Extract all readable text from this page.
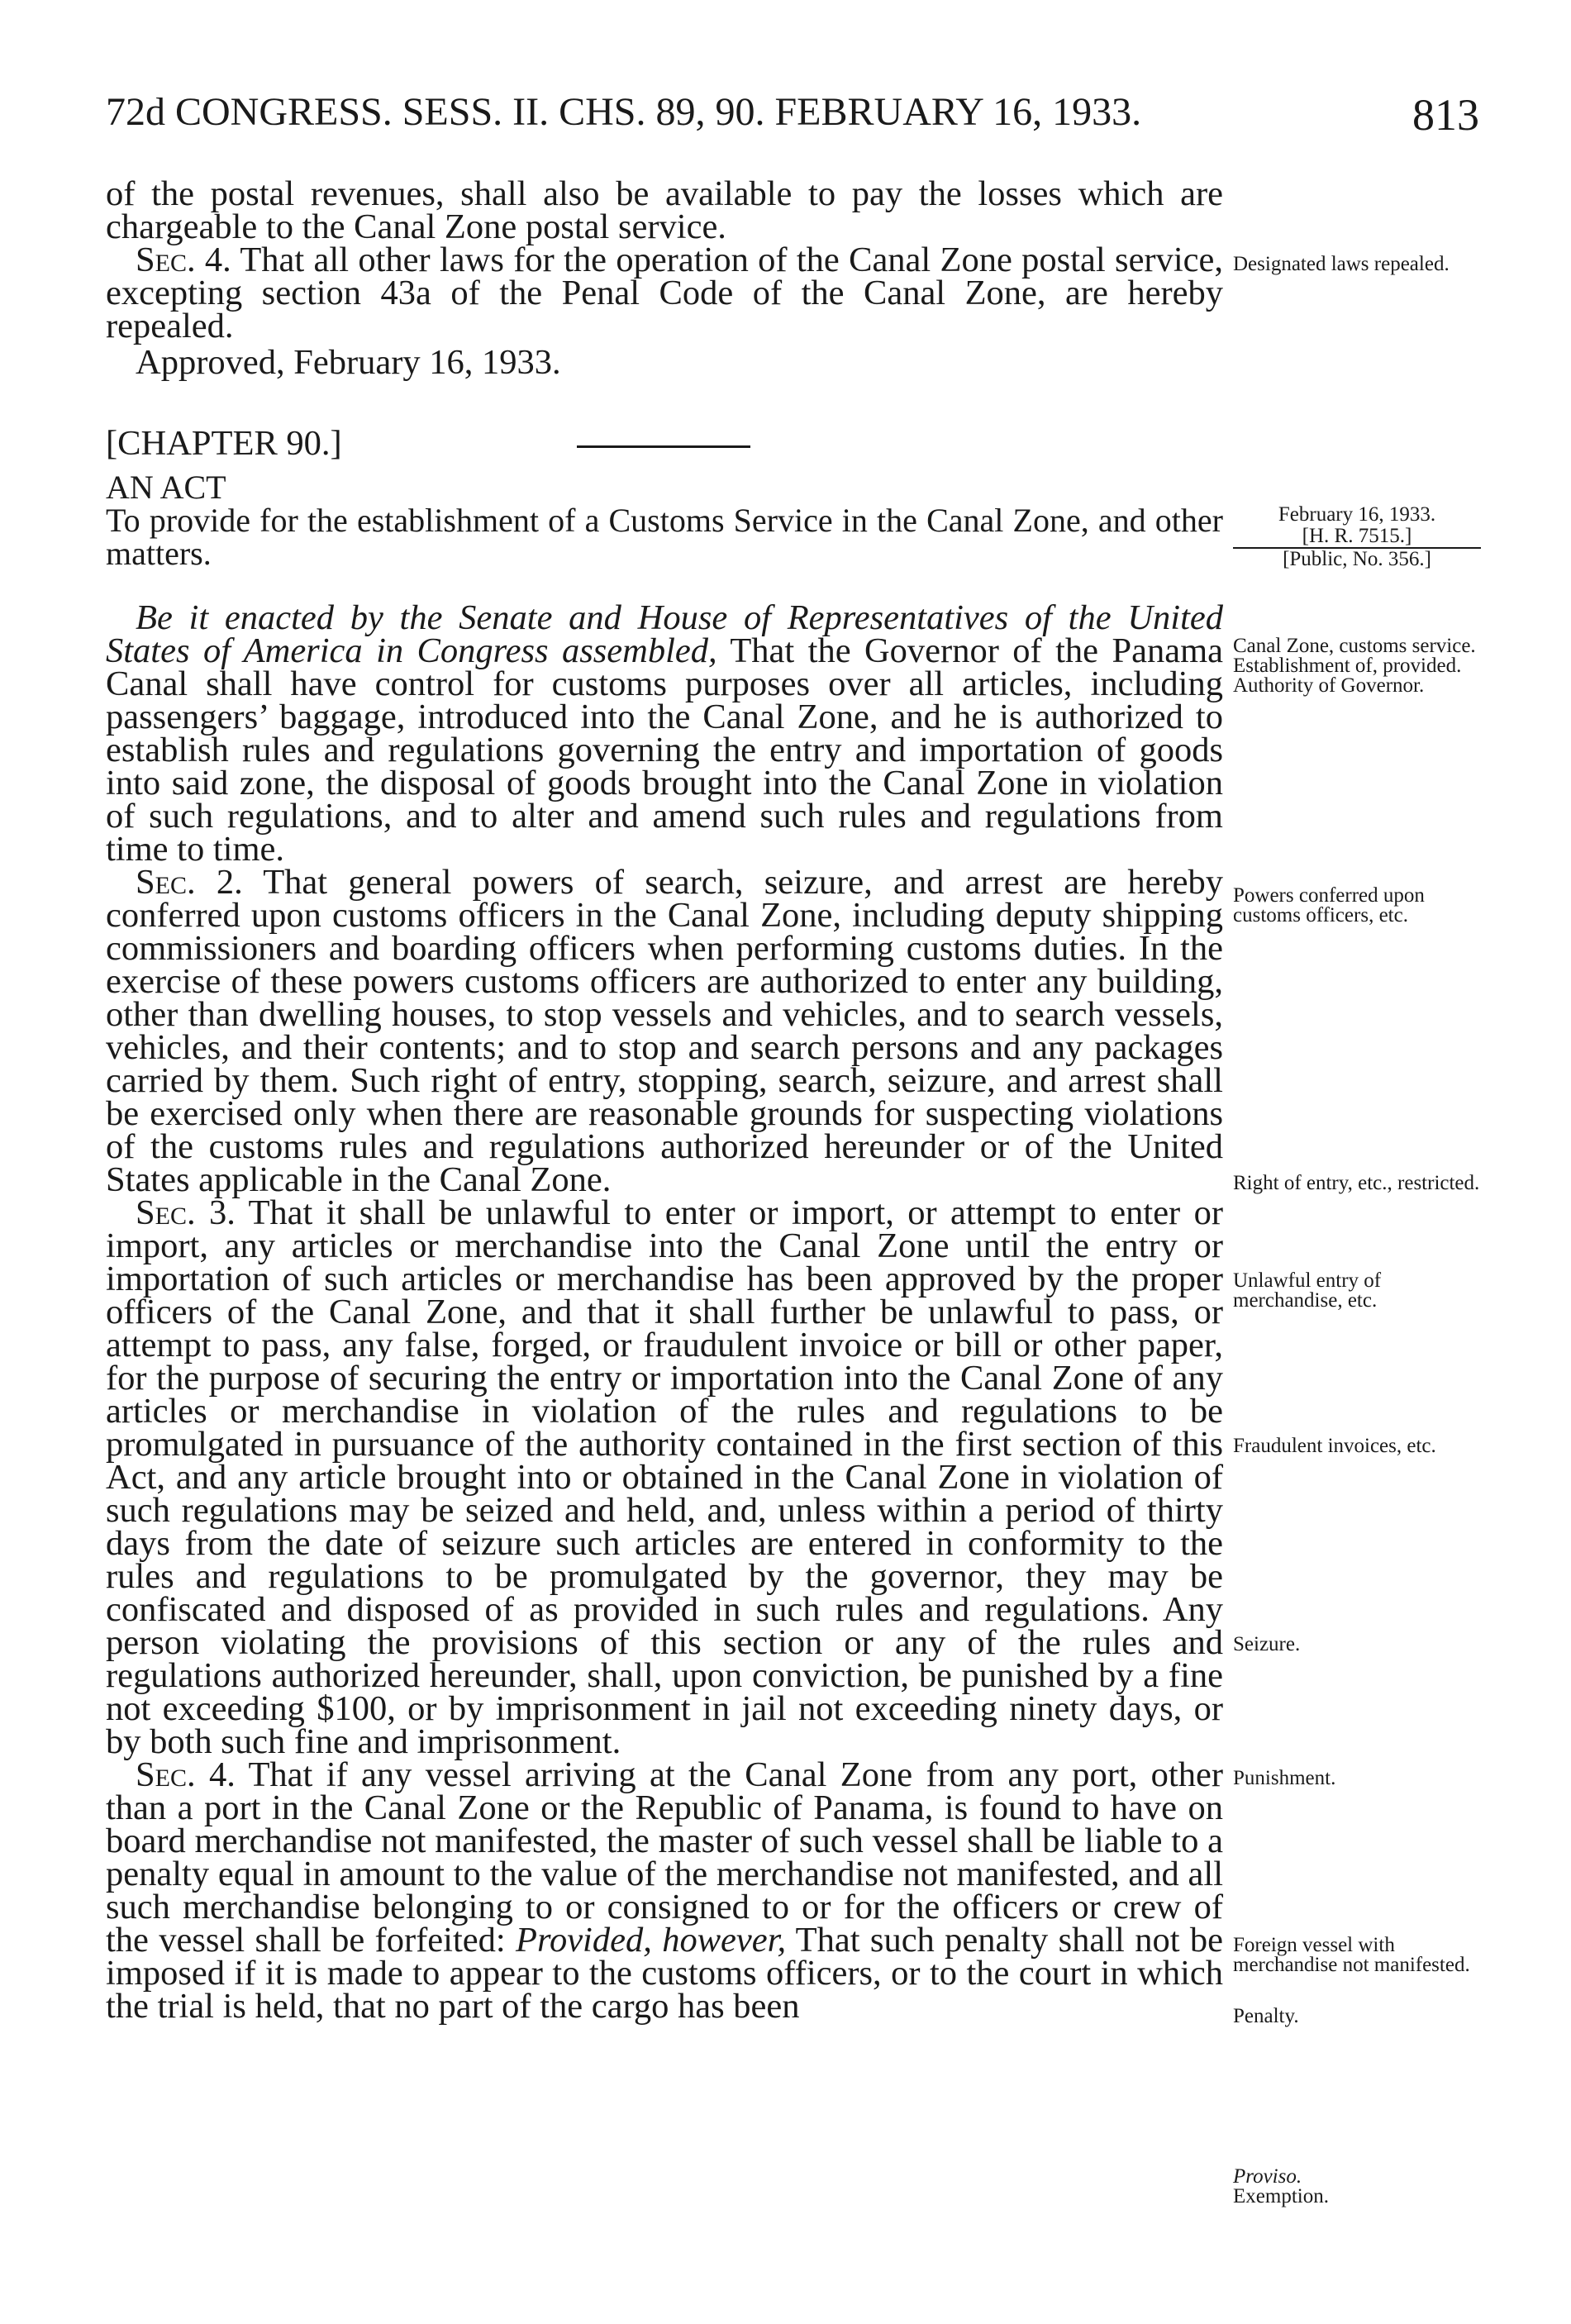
72d CONGRESS. SESS. II. CHS. 89, 90. FEBRUARY 16, 1933.	813

of the postal revenues, shall also be available to pay the losses which are chargeable to the Canal Zone postal service.

Sec. 4. That all other laws for the operation of the Canal Zone postal service, excepting section 43a of the Penal Code of the Canal Zone, are hereby repealed.

Approved, February 16, 1933.

[CHAPTER 90.]

AN ACT

To provide for the establishment of a Customs Service in the Canal Zone, and other matters.

Be it enacted by the Senate and House of Representatives of the United States of America in Congress assembled, That the Governor of the Panama Canal shall have control for customs purposes over all articles, including passengers’ baggage, introduced into the Canal Zone, and he is authorized to establish rules and regulations governing the entry and importation of goods into said zone, the disposal of goods brought into the Canal Zone in violation of such regulations, and to alter and amend such rules and regulations from time to time.

Sec. 2. That general powers of search, seizure, and arrest are hereby conferred upon customs officers in the Canal Zone, including deputy shipping commissioners and boarding officers when performing customs duties. In the exercise of these powers customs officers are authorized to enter any building, other than dwelling houses, to stop vessels and vehicles, and to search vessels, vehicles, and their contents; and to stop and search persons and any packages carried by them. Such right of entry, stopping, search, seizure, and arrest shall be exercised only when there are reasonable grounds for suspecting violations of the customs rules and regulations authorized hereunder or of the United States applicable in the Canal Zone.

Sec. 3. That it shall be unlawful to enter or import, or attempt to enter or import, any articles or merchandise into the Canal Zone until the entry or importation of such articles or merchandise has been approved by the proper officers of the Canal Zone, and that it shall further be unlawful to pass, or attempt to pass, any false, forged, or fraudulent invoice or bill or other paper, for the purpose of securing the entry or importation into the Canal Zone of any articles or merchandise in violation of the rules and regulations to be promulgated in pursuance of the authority contained in the first section of this Act, and any article brought into or obtained in the Canal Zone in violation of such regulations may be seized and held, and, unless within a period of thirty days from the date of seizure such articles are entered in conformity to the rules and regulations to be promulgated by the governor, they may be confiscated and disposed of as provided in such rules and regulations. Any person violating the provisions of this section or any of the rules and regulations authorized hereunder, shall, upon conviction, be punished by a fine not exceeding $100, or by imprisonment in jail not exceeding ninety days, or by both such fine and imprisonment.

Sec. 4. That if any vessel arriving at the Canal Zone from any port, other than a port in the Canal Zone or the Republic of Panama, is found to have on board merchandise not manifested, the master of such vessel shall be liable to a penalty equal in amount to the value of the merchandise not manifested, and all such merchandise belonging to or consigned to or for the officers or crew of the vessel shall be forfeited: Provided, however, That such penalty shall not be imposed if it is made to appear to the customs officers, or to the court in which the trial is held, that no part of the cargo has been

February 16, 1933.
[H. R. 7515.]
[Public, No. 356.]

Designated laws repealed.

Canal Zone, customs service.

Establishment of, provided.

Authority of Governor.

Powers conferred upon customs officers, etc.

Right of entry, etc., restricted.

Unlawful entry of merchandise, etc.

Fraudulent invoices, etc.

Seizure.

Punishment.

Foreign vessel with merchandise not manifested.

Penalty.

Proviso.

Exemption.
